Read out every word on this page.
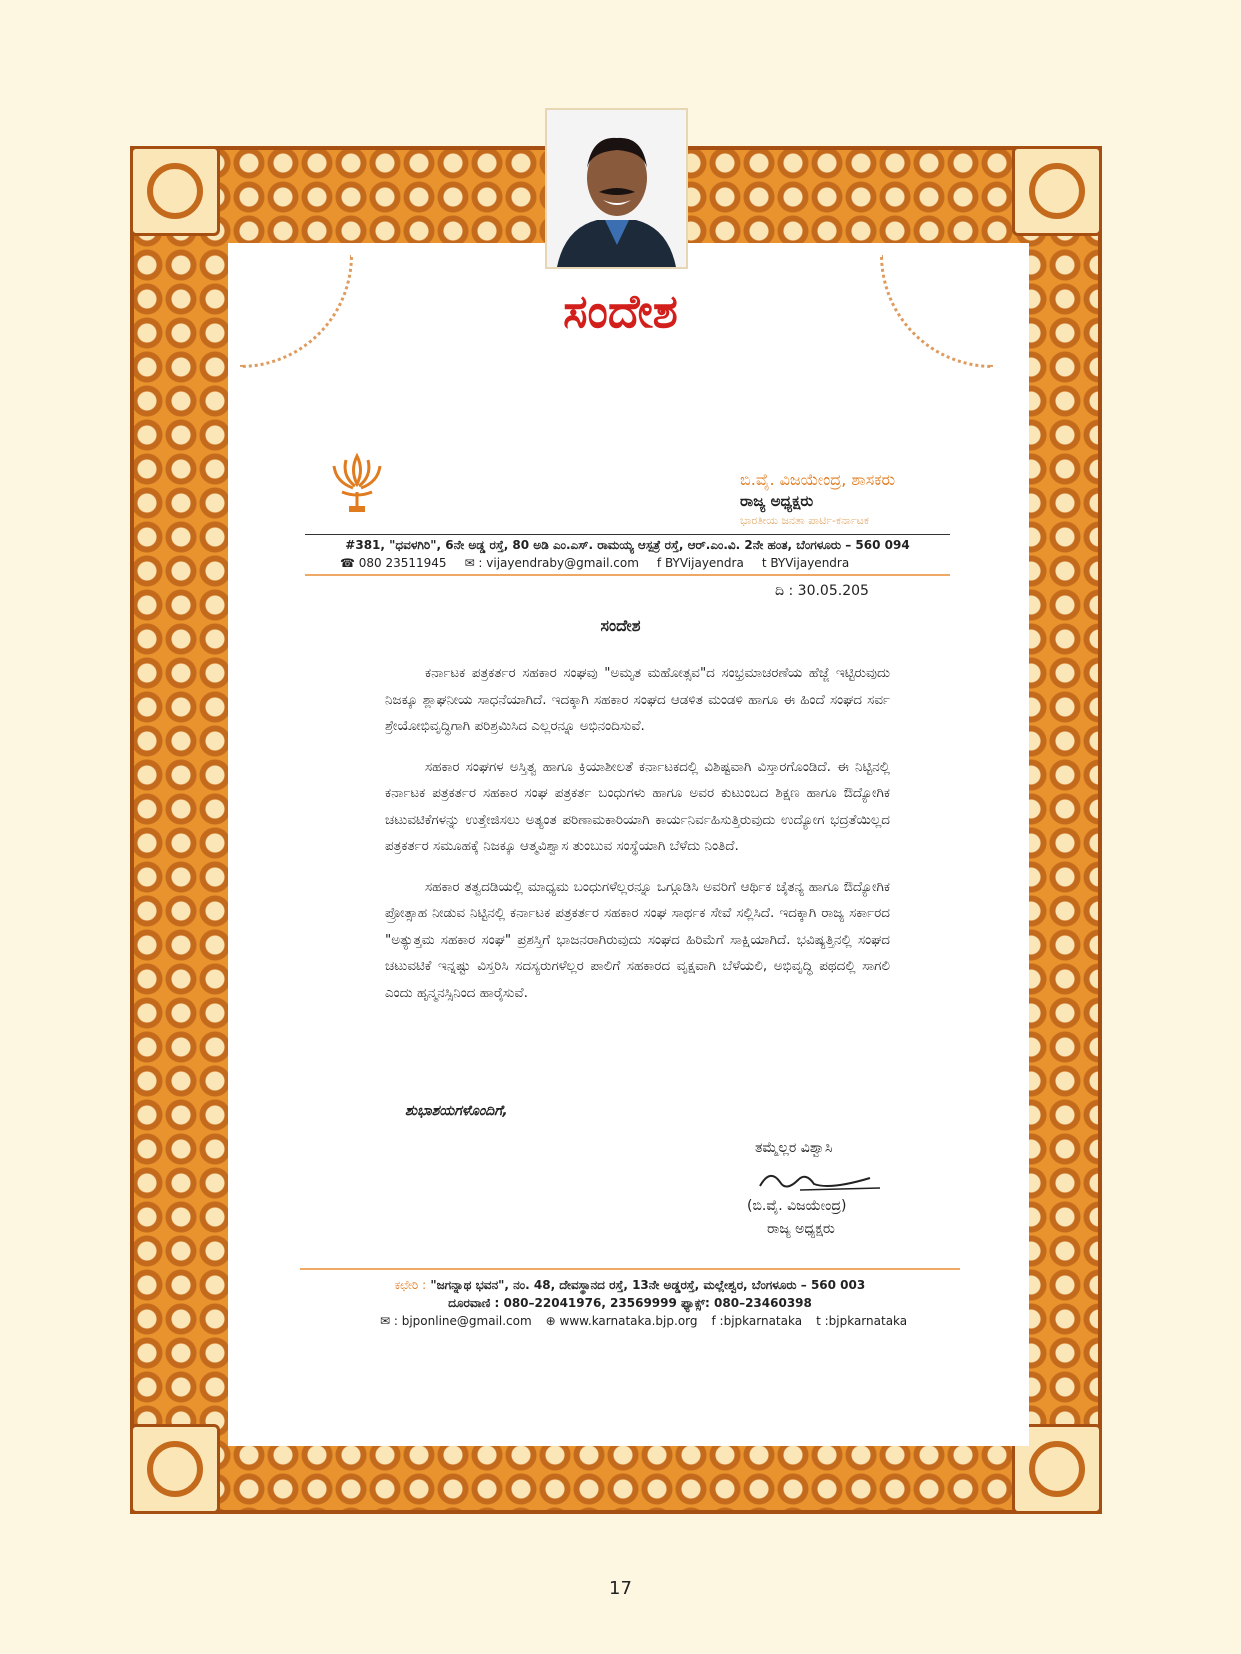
ಸಂದೇಶ
ಬಿ.ವೈ. ವಿಜಯೇಂದ್ರ, ಶಾಸಕರು
ರಾಜ್ಯ ಅಧ್ಯಕ್ಷರು
ಭಾರತೀಯ ಜನತಾ ಪಾರ್ಟಿ-ಕರ್ನಾಟಕ
#381, "ಧವಳಗಿರಿ", 6ನೇ ಅಡ್ಡ ರಸ್ತೆ, 80 ಅಡಿ ಎಂ.ಎಸ್. ರಾಮಯ್ಯ ಆಸ್ಪತ್ರೆ ರಸ್ತೆ, ಆರ್.ಎಂ.ವಿ. 2ನೇ ಹಂತ, ಬೆಂಗಳೂರು – 560 094
☎ 080 23511945 ✉ : vijayendraby@gmail.com f BYVijayendra t BYVijayendra
ದಿ : 30.05.205
ಸಂದೇಶ

ಕರ್ನಾಟಕ ಪತ್ರಕರ್ತರ ಸಹಕಾರ ಸಂಘವು "ಅಮೃತ ಮಹೋತ್ಸವ"ದ ಸಂಭ್ರಮಾಚರಣೆಯ ಹೆಜ್ಜೆ ಇಟ್ಟಿರುವುದು ನಿಜಕ್ಕೂ ಶ್ಲಾಘನೀಯ ಸಾಧನೆಯಾಗಿದೆ. ಇದಕ್ಕಾಗಿ ಸಹಕಾರ ಸಂಘದ ಆಡಳಿತ ಮಂಡಳಿ ಹಾಗೂ ಈ ಹಿಂದೆ ಸಂಘದ ಸರ್ವ ಶ್ರೇಯೋಭಿವೃದ್ಧಿಗಾಗಿ ಪರಿಶ್ರಮಿಸಿದ ಎಲ್ಲರನ್ನೂ ಅಭಿನಂದಿಸುವೆ.

ಸಹಕಾರ ಸಂಘಗಳ ಅಸ್ತಿತ್ವ ಹಾಗೂ ಕ್ರಿಯಾಶೀಲತೆ ಕರ್ನಾಟಕದಲ್ಲಿ ವಿಶಿಷ್ಟವಾಗಿ ವಿಸ್ತಾರಗೊಂಡಿದೆ. ಈ ನಿಟ್ಟಿನಲ್ಲಿ ಕರ್ನಾಟಕ ಪತ್ರಕರ್ತರ ಸಹಕಾರ ಸಂಘ ಪತ್ರಕರ್ತ ಬಂಧುಗಳು ಹಾಗೂ ಅವರ ಕುಟುಂಬದ ಶಿಕ್ಷಣ ಹಾಗೂ ಔದ್ಯೋಗಿಕ ಚಟುವಟಿಕೆಗಳನ್ನು ಉತ್ತೇಜಿಸಲು ಅತ್ಯಂತ ಪರಿಣಾಮಕಾರಿಯಾಗಿ ಕಾರ್ಯನಿರ್ವಹಿಸುತ್ತಿರುವುದು ಉದ್ಯೋಗ ಭದ್ರತೆಯಿಲ್ಲದ ಪತ್ರಕರ್ತರ ಸಮೂಹಕ್ಕೆ ನಿಜಕ್ಕೂ ಆತ್ಮವಿಶ್ವಾಸ ತುಂಬುವ ಸಂಸ್ಥೆಯಾಗಿ ಬೆಳೆದು ನಿಂತಿದೆ.

ಸಹಕಾರ ತತ್ವದಡಿಯಲ್ಲಿ ಮಾಧ್ಯಮ ಬಂಧುಗಳೆಲ್ಲರನ್ನೂ ಒಗ್ಗೂಡಿಸಿ ಅವರಿಗೆ ಆರ್ಥಿಕ ಚೈತನ್ಯ ಹಾಗೂ ಔದ್ಯೋಗಿಕ ಪ್ರೋತ್ಸಾಹ ನೀಡುವ ನಿಟ್ಟಿನಲ್ಲಿ ಕರ್ನಾಟಕ ಪತ್ರಕರ್ತರ ಸಹಕಾರ ಸಂಘ ಸಾರ್ಥಕ ಸೇವೆ ಸಲ್ಲಿಸಿದೆ. ಇದಕ್ಕಾಗಿ ರಾಜ್ಯ ಸರ್ಕಾರದ "ಅತ್ಯುತ್ತಮ ಸಹಕಾರ ಸಂಘ" ಪ್ರಶಸ್ತಿಗೆ ಭಾಜನರಾಗಿರುವುದು ಸಂಘದ ಹಿರಿಮೆಗೆ ಸಾಕ್ಷಿಯಾಗಿದೆ. ಭವಿಷ್ಯತ್ತಿನಲ್ಲಿ ಸಂಘದ ಚಟುವಟಿಕೆ ಇನ್ನಷ್ಟು ವಿಸ್ತರಿಸಿ ಸದಸ್ಯರುಗಳೆಲ್ಲರ ಪಾಲಿಗೆ ಸಹಕಾರದ ವೃಕ್ಷವಾಗಿ ಬೆಳೆಯಲಿ, ಅಭಿವೃದ್ಧಿ ಪಥದಲ್ಲಿ ಸಾಗಲಿ ಎಂದು ಹೃನ್ಮನಸ್ಸಿನಿಂದ ಹಾರೈಸುವೆ.

ಶುಭಾಶಯಗಳೊಂದಿಗೆ,
ತಮ್ಮೆಲ್ಲರ ವಿಶ್ವಾಸಿ
(ಬಿ.ವೈ. ವಿಜಯೇಂದ್ರ)
ರಾಜ್ಯ ಅಧ್ಯಕ್ಷರು
ಕಛೇರಿ : "ಜಗನ್ನಾಥ ಭವನ", ನಂ. 48, ದೇವಸ್ಥಾನದ ರಸ್ತೆ, 13ನೇ ಅಡ್ಡರಸ್ತೆ, ಮಲ್ಲೇಶ್ವರ, ಬೆಂಗಳೂರು – 560 003
ದೂರವಾಣಿ : 080–22041976, 23569999 ಫ್ಯಾಕ್ಸ್: 080–23460398
✉ : bjponline@gmail.com ⊕ www.karnataka.bjp.org f :bjpkarnataka t :bjpkarnataka
17
